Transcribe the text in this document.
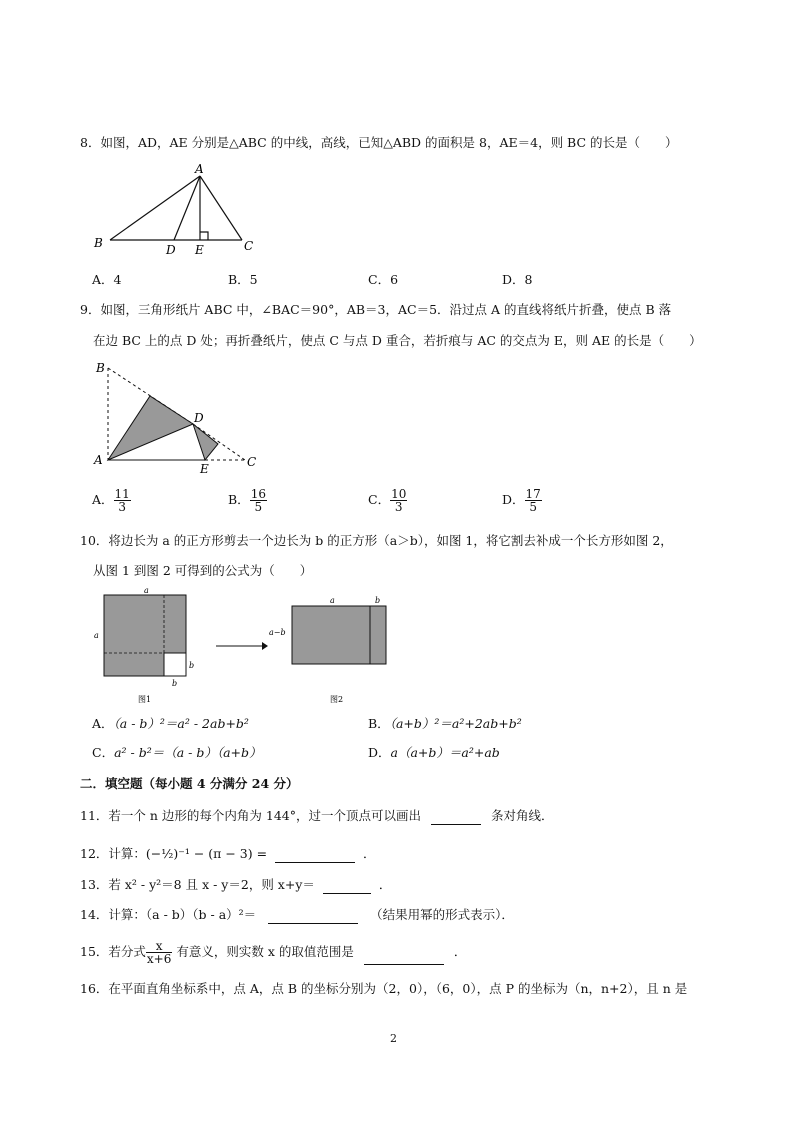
8．如图，AD，AE 分别是△ABC 的中线，高线，已知△ABD 的面积是 8，AE＝4，则 BC 的长是（　　）
A
B	C
D E
A．4	B．5	C．6	D．8
9．如图，三角形纸片 ABC 中，∠BAC＝90°，AB＝3，AC＝5．沿过点 A 的直线将纸片折叠，使点 B 落
在边 BC 上的点 D 处；再折叠纸片，使点 C 与点 D 重合，若折痕与 AC 的交点为 E，则 AE 的长是（　　）
B
A
D
E	C
A． $\frac{11}{3}$	B． $\frac{16}{5}$	C． $\frac{10}{3}$	D． $\frac{17}{5}$
10．将边长为 a 的正方形剪去一个边长为 b 的正方形（a＞b），如图 1，将它割去补成一个长方形如图 2，
从图 1 到图 2 可得到的公式为（　　）
a
a
b
b
图1
a	b
a−b
图2
A．（a - b）²＝a² - 2ab+b²	B．（a+b）²＝a²+2ab+b²
C．a² - b²＝（a - b）（a+b）	D．a（a+b）＝a²+ab
二．填空题（每小题 4 分满分 24 分）
11．若一个 n 边形的每个内角为 144°，过一个顶点可以画出	条对角线．
12．计算：(−½)⁻¹ − (π − 3) =	．
13．若 x² - y²＝8 且 x - y＝2，则 x+y＝	．
14．计算：（a - b）（b - a）²＝	（结果用幂的形式表示）．
15．若分式 $\frac{x}{x+6}$ 有意义，则实数 x 的取值范围是	．
16．在平面直角坐标系中，点 A，点 B 的坐标分别为（2，0），（6，0），点 P 的坐标为（n，n+2），且 n 是
2
